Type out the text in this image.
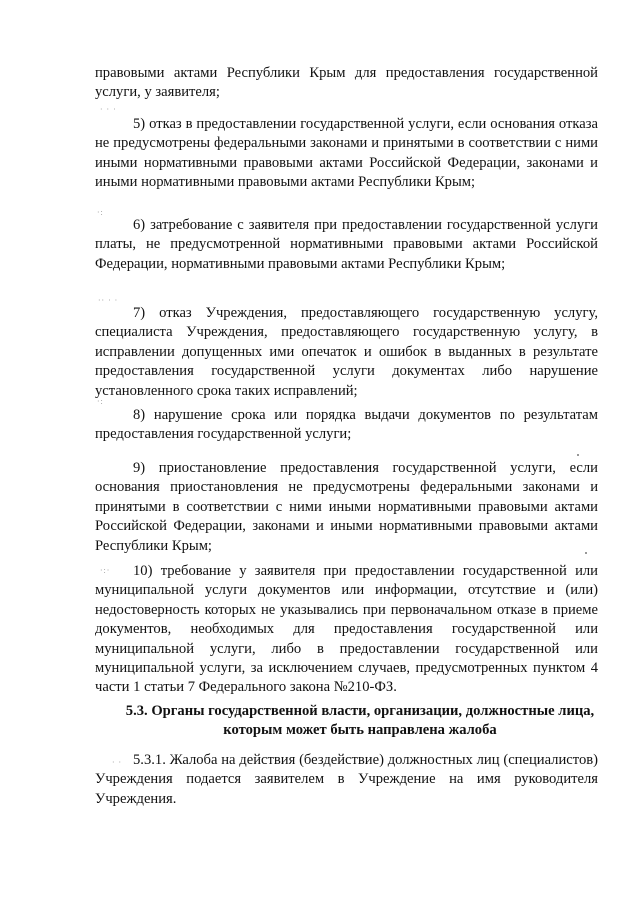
правовыми актами Республики Крым для предоставления государственной услуги, у заявителя;

⋅ ⋅ ⋅

5) отказ в предоставлении государственной услуги, если основания отказа не предусмотрены федеральными законами и принятыми в соответствии с ними иными нормативными правовыми актами Российской Федерации, законами и иными нормативными правовыми актами Республики Крым;

⋅:

6) затребование с заявителя при предоставлении государственной услуги платы, не предусмотренной нормативными правовыми актами Российской Федерации, нормативными правовыми актами Республики Крым;

⋅⋅ ⋅ ⋅

7) отказ Учреждения, предоставляющего государственную услугу, специалиста Учреждения, предоставляющего государственную услугу, в исправлении допущенных ими опечаток и ошибок в выданных в результате предоставления государственной услуги документах либо нарушение установленного срока таких исправлений;

⋅:

8) нарушение срока или порядка выдачи документов по результатам предоставления государственной услуги;

9) приостановление предоставления государственной услуги, если основания приостановления не предусмотрены федеральными законами и принятыми в соответствии с ними иными нормативными правовыми актами Российской Федерации, законами и иными нормативными правовыми актами Республики Крым;

⋅:⋅	10) требование у заявителя при предоставлении государственной или муниципальной услуги документов или информации, отсутствие и (или) недостоверность которых не указывались при первоначальном отказе в приеме документов, необходимых для предоставления государственной или муниципальной услуги, либо в предоставлении государственной или муниципальной услуги, за исключением случаев, предусмотренных пунктом 4 части 1 статьи 7 Федерального закона №210-ФЗ.

5.3. Органы государственной власти, организации, должностные лица, которым может быть направлена жалоба

⋅ ⋅ 5.3.1. Жалоба на действия (бездействие) должностных лиц (специалистов) Учреждения подается заявителем в Учреждение на имя руководителя Учреждения.
